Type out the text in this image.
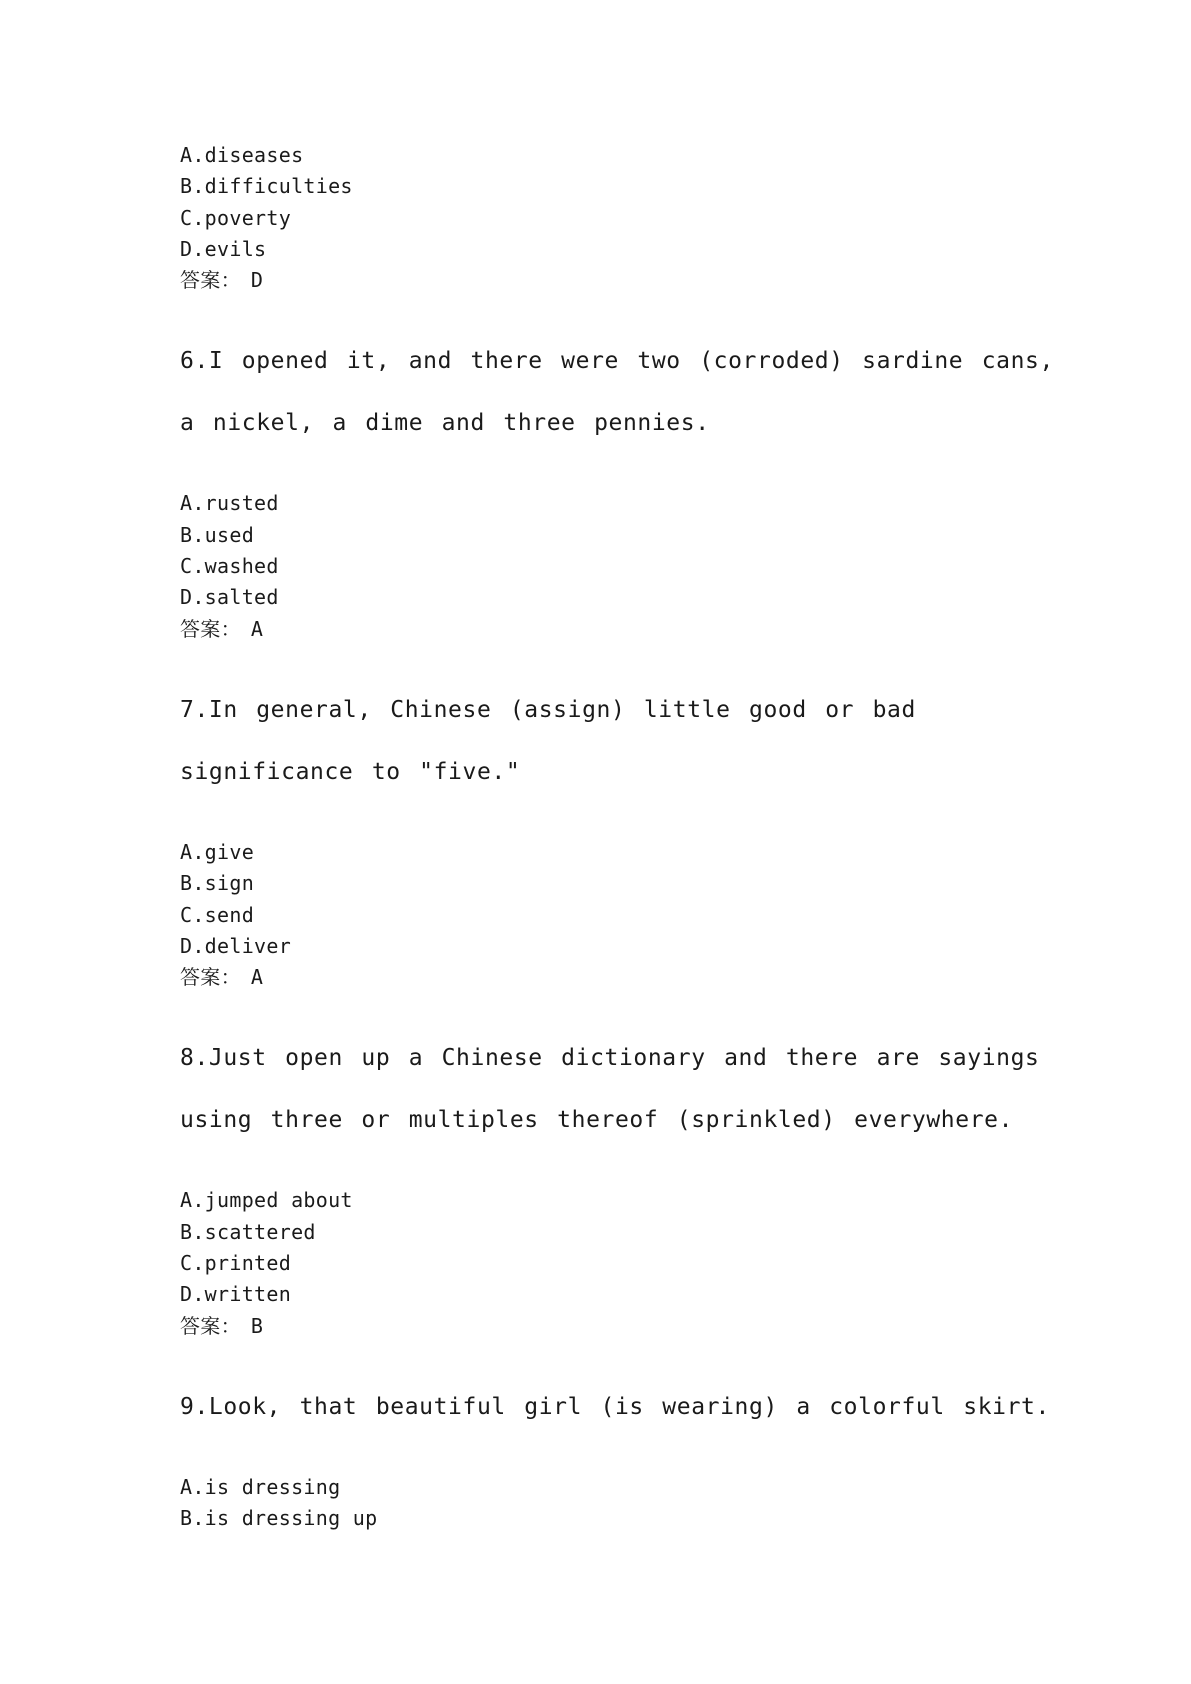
A.diseases
B.difficulties
C.poverty
D.evils
答案： D

6.I opened it, and there were two (corroded) sardine cans, a nickel, a dime and three pennies.

A.rusted
B.used
C.washed
D.salted
答案： A

7.In general, Chinese (assign) little good or bad significance to "five."

A.give
B.sign
C.send
D.deliver
答案： A

8.Just open up a Chinese dictionary and there are sayings using three or multiples thereof (sprinkled) everywhere.

A.jumped about
B.scattered
C.printed
D.written
答案： B

9.Look, that beautiful girl (is wearing) a colorful skirt.

A.is dressing
B.is dressing up
